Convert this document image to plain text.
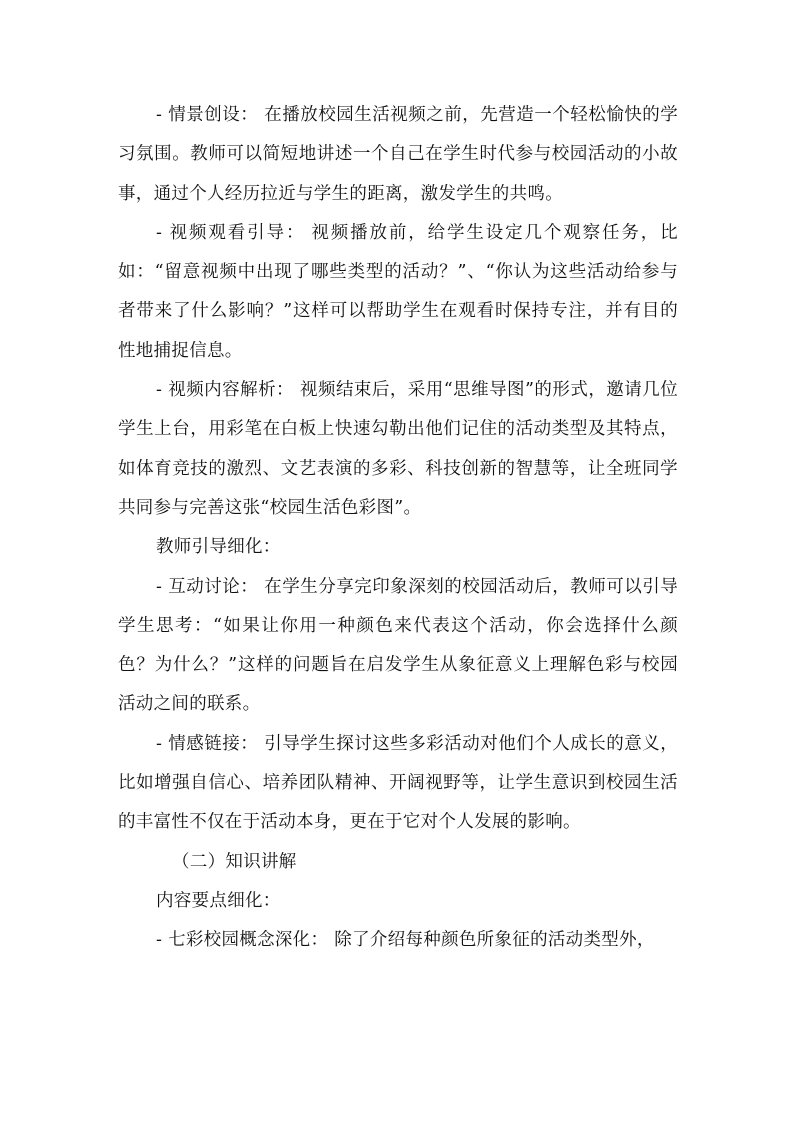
- 情景创设： 在播放校园生活视频之前，先营造一个轻松愉快的学习氛围。教师可以简短地讲述一个自己在学生时代参与校园活动的小故事，通过个人经历拉近与学生的距离，激发学生的共鸣。

- 视频观看引导： 视频播放前，给学生设定几个观察任务，比如：“留意视频中出现了哪些类型的活动？”、“你认为这些活动给参与者带来了什么影响？”这样可以帮助学生在观看时保持专注，并有目的性地捕捉信息。

- 视频内容解析： 视频结束后，采用“思维导图”的形式，邀请几位学生上台，用彩笔在白板上快速勾勒出他们记住的活动类型及其特点，如体育竞技的激烈、文艺表演的多彩、科技创新的智慧等，让全班同学共同参与完善这张“校园生活色彩图”。

教师引导细化：

- 互动讨论： 在学生分享完印象深刻的校园活动后，教师可以引导学生思考：“如果让你用一种颜色来代表这个活动，你会选择什么颜色？为什么？”这样的问题旨在启发学生从象征意义上理解色彩与校园活动之间的联系。

- 情感链接： 引导学生探讨这些多彩活动对他们个人成长的意义，比如增强自信心、培养团队精神、开阔视野等，让学生意识到校园生活的丰富性不仅在于活动本身，更在于它对个人发展的影响。

（二）知识讲解

内容要点细化：

- 七彩校园概念深化： 除了介绍每种颜色所象征的活动类型外，
